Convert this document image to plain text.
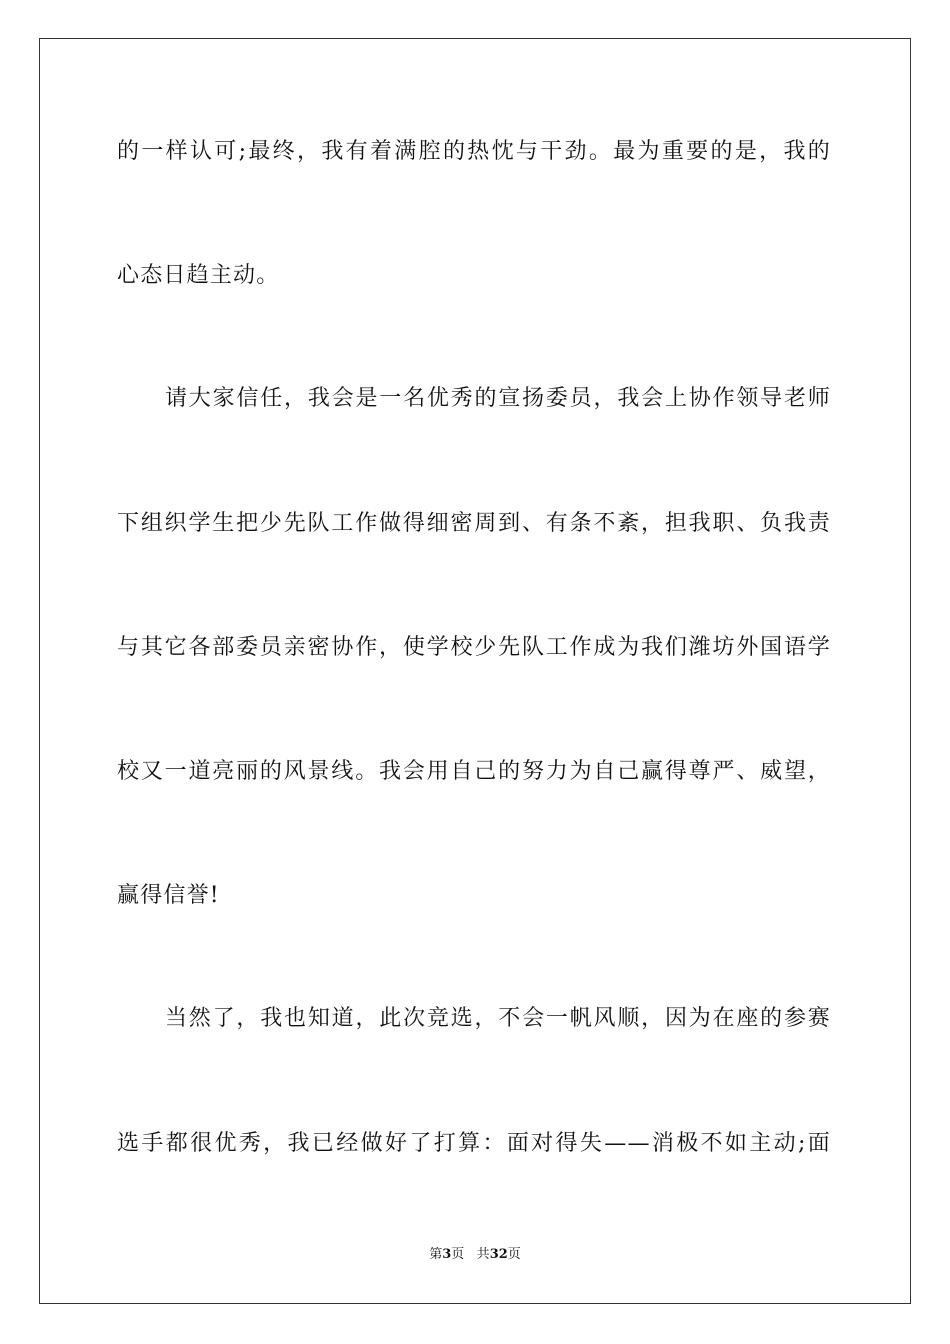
的一样认可;最终，我有着满腔的热忱与干劲。最为重要的是，我的
心态日趋主动。
请大家信任，我会是一名优秀的宣扬委员，我会上协作领导老师
下组织学生把少先队工作做得细密周到、有条不紊，担我职、负我责
与其它各部委员亲密协作，使学校少先队工作成为我们潍坊外国语学
校又一道亮丽的风景线。我会用自己的努力为自己赢得尊严、威望，
赢得信誉!
当然了，我也知道，此次竞选，不会一帆风顺，因为在座的参赛
选手都很优秀，我已经做好了打算：面对得失——消极不如主动;面
第3页 共32页
